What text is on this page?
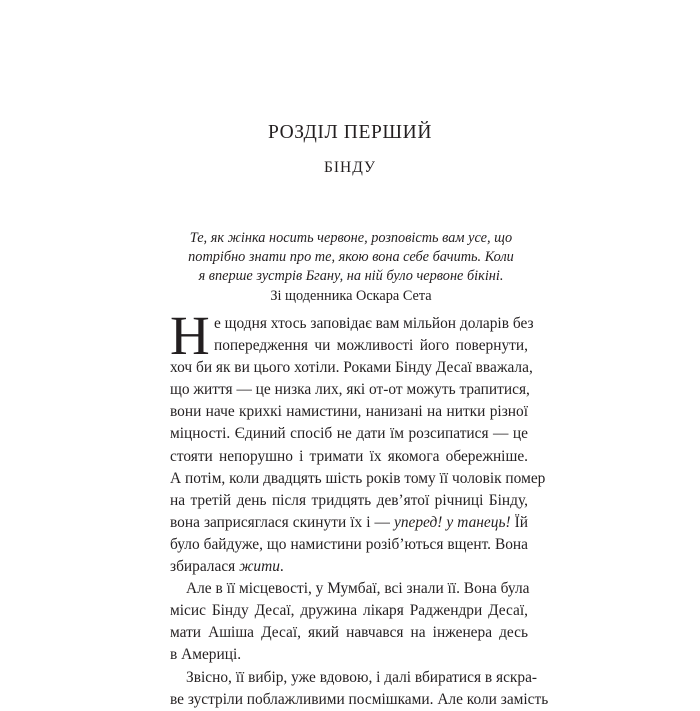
РОЗДІЛ ПЕРШИЙ
БІНДУ
Те, як жінка носить червоне, розповість вам усе, що
потрібно знати про те, якою вона себе бачить. Коли
я вперше зустрів Бгану, на ній було червоне бікіні.
Зі щоденника Оскара Сета
Н е щодня хтось заповідає вам мільйон доларів без
попередження чи можливості його повернути,
хоч би як ви цього хотіли. Роками Бінду Десаї вважала,
що життя — це низка лих, які от-от можуть трапитися,
вони наче крихкі намистини, нанизані на нитки різної
міцності. Єдиний спосіб не дати їм розсипатися — це
стояти непорушно і тримати їх якомога обережніше.
А потім, коли двадцять шість років тому її чоловік помер
на третій день після тридцять дев’ятої річниці Бінду,
вона заприсяглася скинути їх і — уперед! у танець! Їй
було байдуже, що намистини розіб’ються вщент. Вона
збиралася жити.
Але в її місцевості, у Мумбаї, всі знали її. Вона була
місис Бінду Десаї, дружина лікаря Раджендри Десаї,
мати Ашіша Десаї, який навчався на інженера десь
в Америці.
Звісно, її вибір, уже вдовою, і далі вбиратися в яскра-
ве зустріли поблажливими посмішками. Але коли замість
